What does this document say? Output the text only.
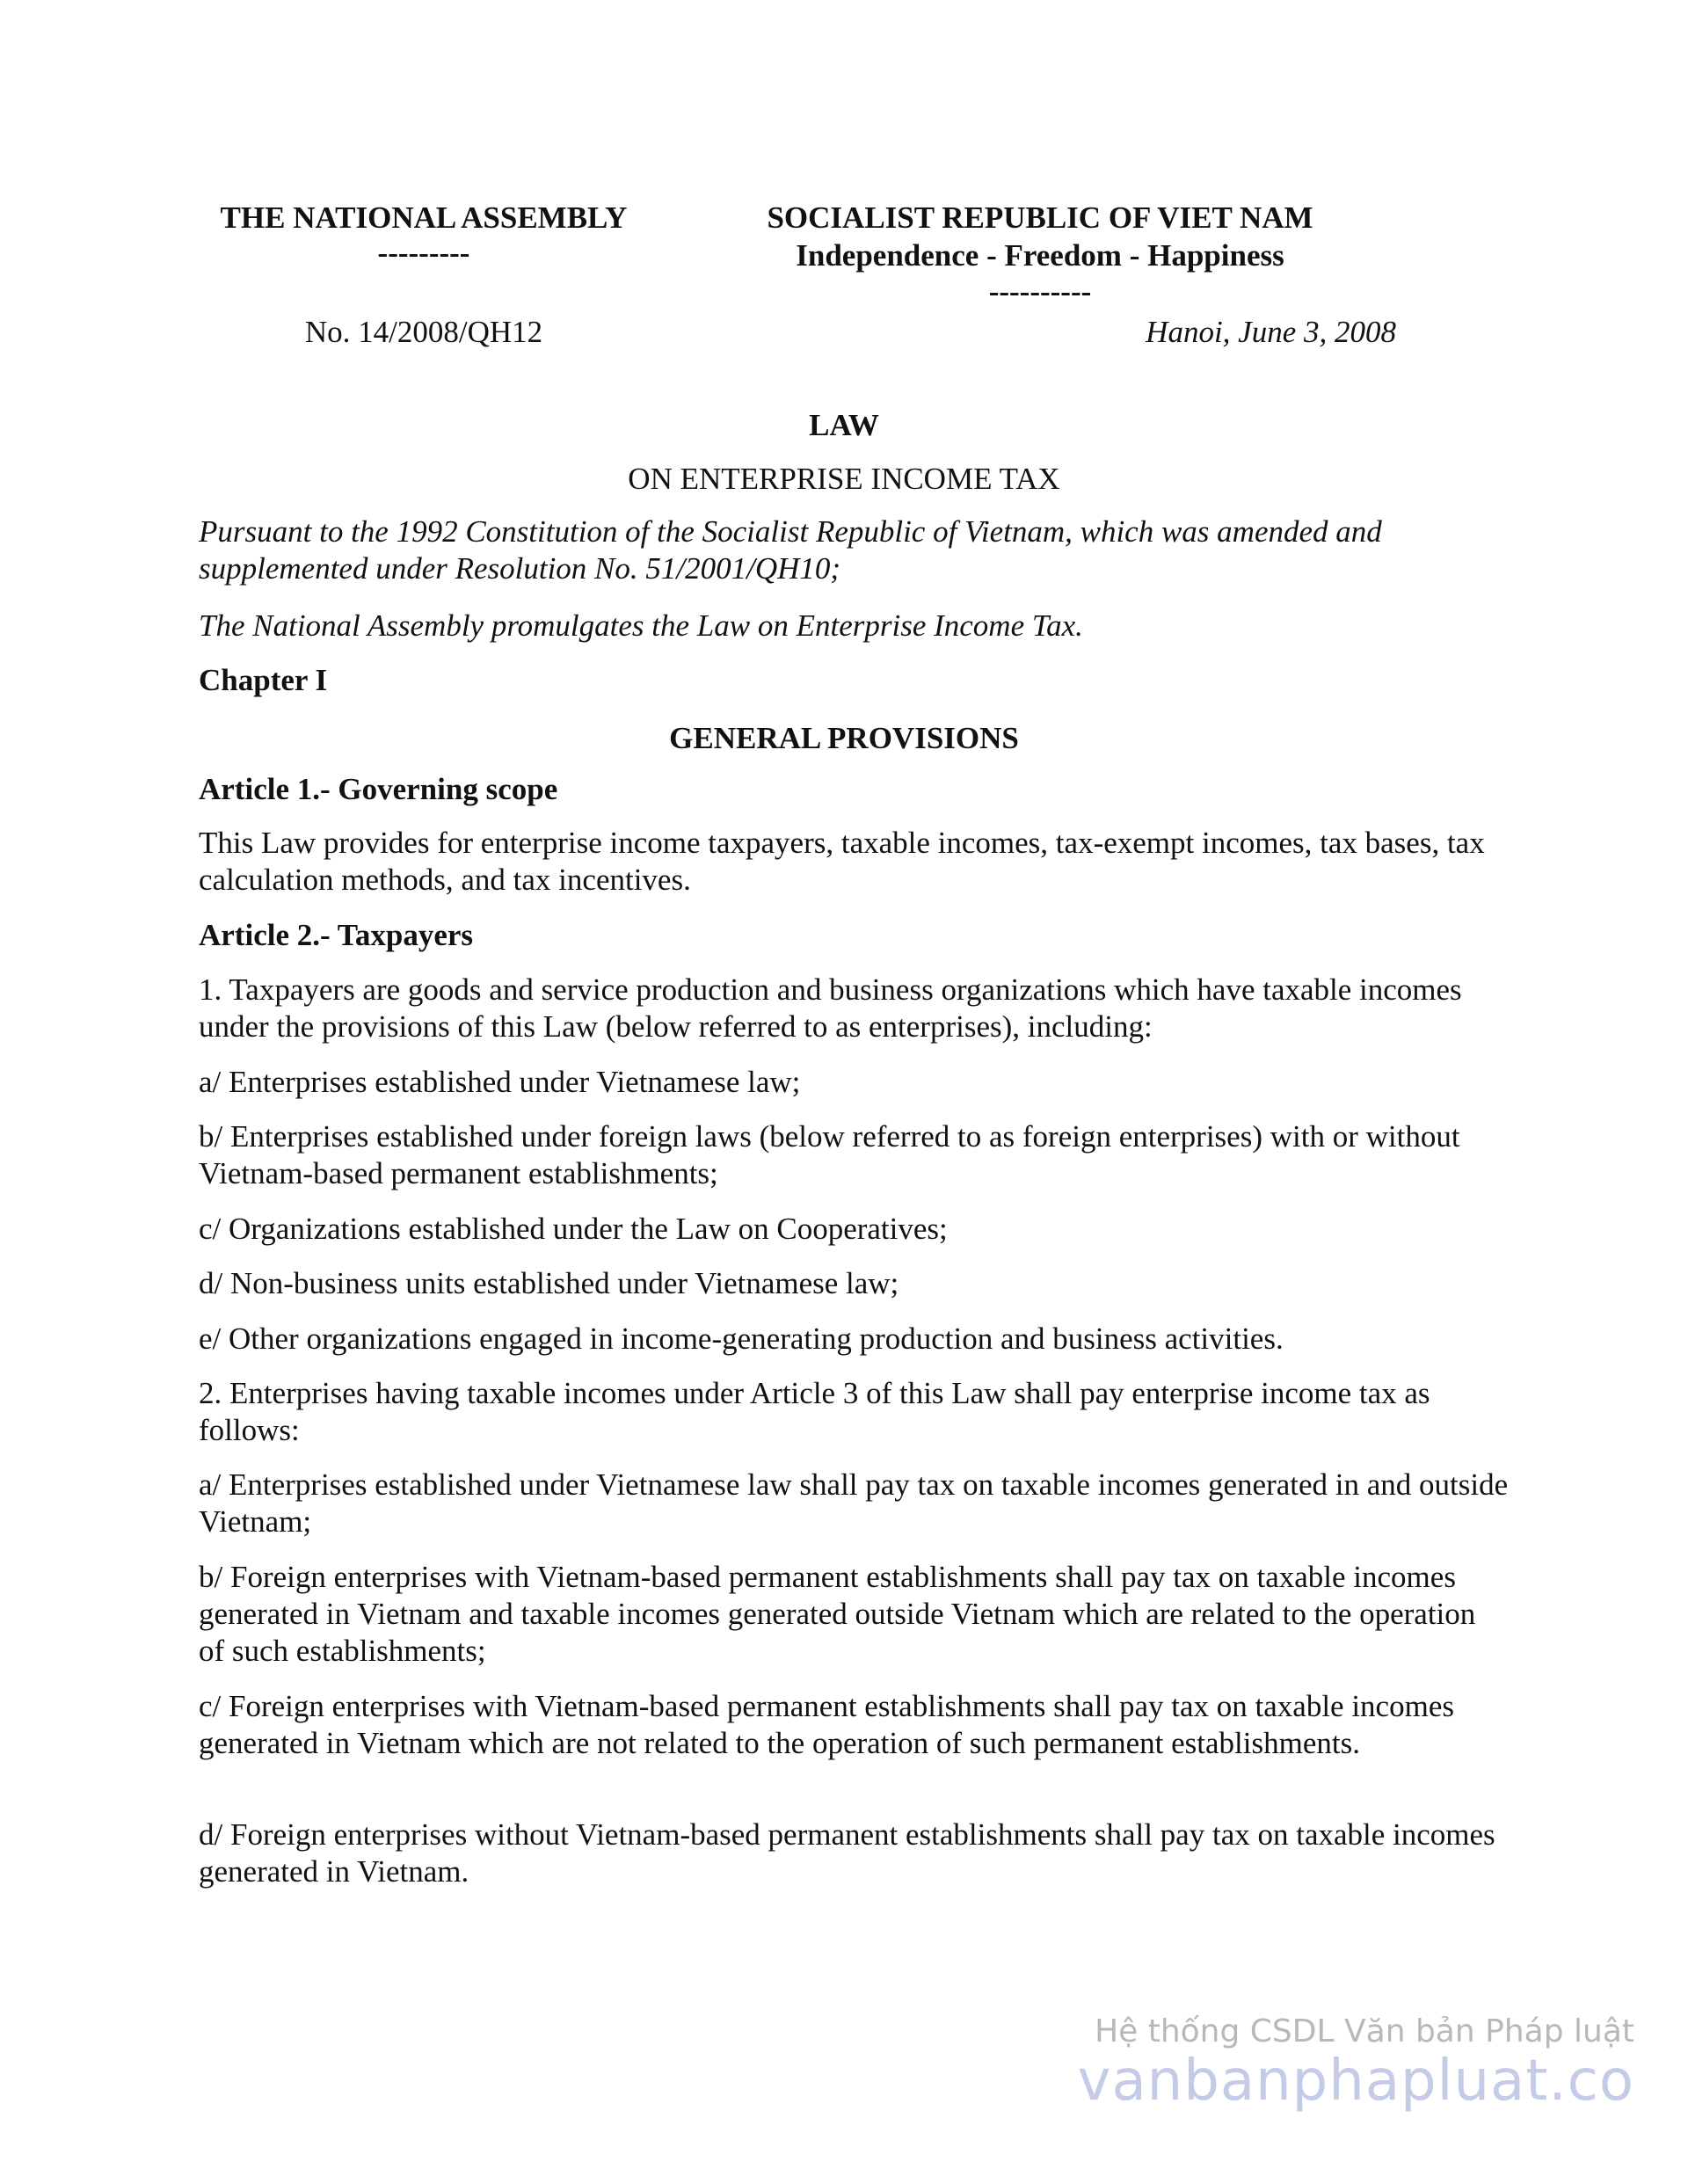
THE NATIONAL ASSEMBLY
---------
SOCIALIST REPUBLIC OF VIET NAM
Independence - Freedom - Happiness
----------
No. 14/2008/QH12	Hanoi, June 3, 2008
LAW
ON ENTERPRISE INCOME TAX
Pursuant to the 1992 Constitution of the Socialist Republic of Vietnam, which was amended and supplemented under Resolution No. 51/2001/QH10;
The National Assembly promulgates the Law on Enterprise Income Tax.
Chapter I
GENERAL PROVISIONS
Article 1.- Governing scope
This Law provides for enterprise income taxpayers, taxable incomes, tax-exempt incomes, tax bases, tax calculation methods, and tax incentives.
Article 2.- Taxpayers
1. Taxpayers are goods and service production and business organizations which have taxable incomes under the provisions of this Law (below referred to as enterprises), including:
a/ Enterprises established under Vietnamese law;
b/ Enterprises established under foreign laws (below referred to as foreign enterprises) with or without Vietnam-based permanent establishments;
c/ Organizations established under the Law on Cooperatives;
d/ Non-business units established under Vietnamese law;
e/ Other organizations engaged in income-generating production and business activities.
2. Enterprises having taxable incomes under Article 3 of this Law shall pay enterprise income tax as follows:
a/ Enterprises established under Vietnamese law shall pay tax on taxable incomes generated in and outside Vietnam;
b/ Foreign enterprises with Vietnam-based permanent establishments shall pay tax on taxable incomes generated in Vietnam and taxable incomes generated outside Vietnam which are related to the operation of such establishments;
c/ Foreign enterprises with Vietnam-based permanent establishments shall pay tax on taxable incomes generated in Vietnam which are not related to the operation of such permanent establishments.
d/ Foreign enterprises without Vietnam-based permanent establishments shall pay tax on taxable incomes generated in Vietnam.
Hệ thống CSDL Văn bản Pháp luật
vanbanphapluat.co
